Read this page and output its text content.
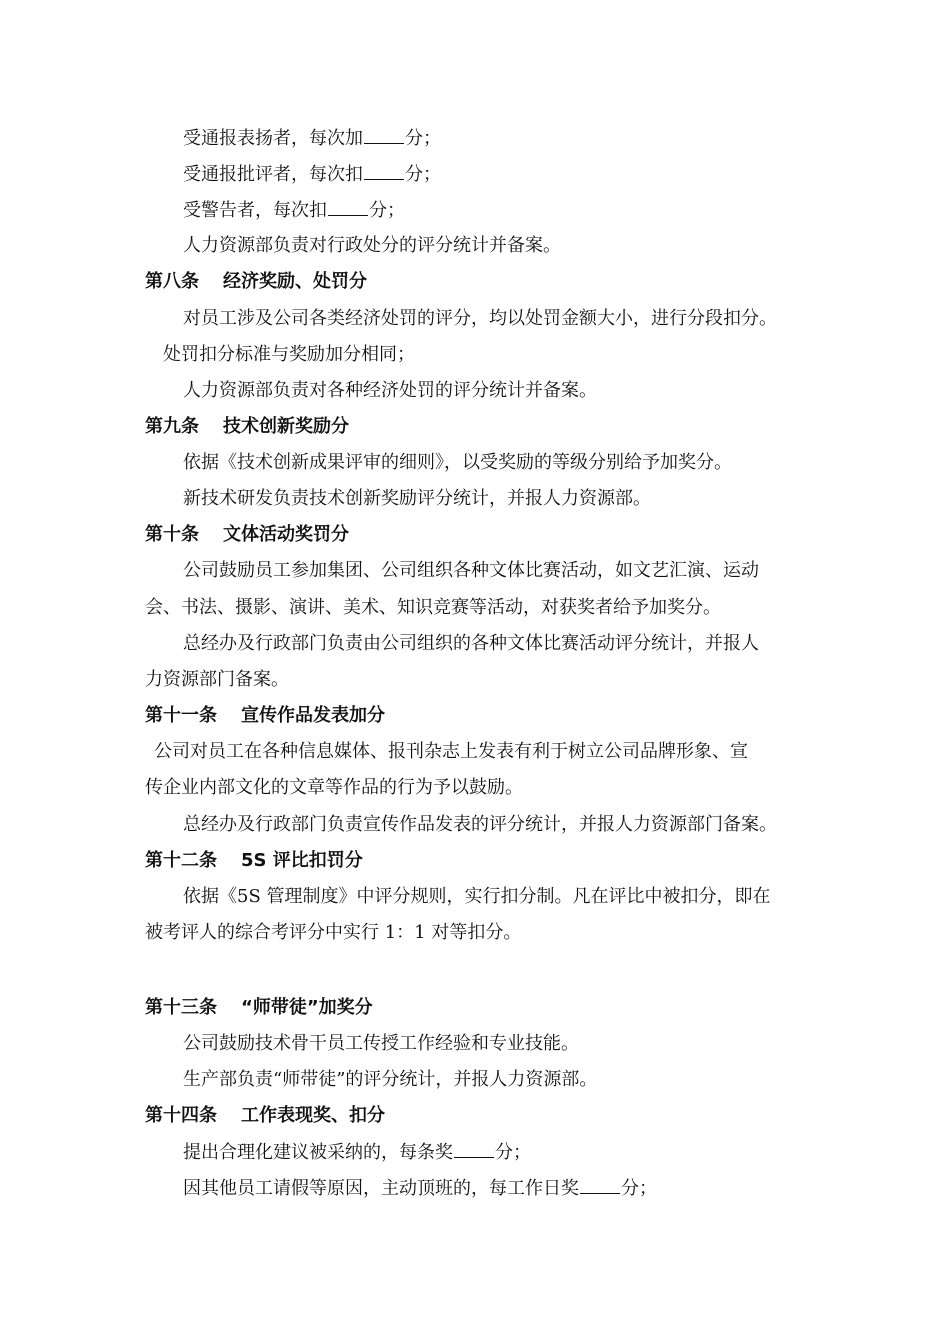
受通报表扬者，每次加 分；
受通报批评者，每次扣 分；
受警告者，每次扣 分；
人力资源部负责对行政处分的评分统计并备案。
第八条 经济奖励、处罚分
对员工涉及公司各类经济处罚的评分，均以处罚金额大小，进行分段扣分。
处罚扣分标准与奖励加分相同；
人力资源部负责对各种经济处罚的评分统计并备案。
第九条 技术创新奖励分
依据《技术创新成果评审的细则》，以受奖励的等级分别给予加奖分。
新技术研发负责技术创新奖励评分统计，并报人力资源部。
第十条 文体活动奖罚分
公司鼓励员工参加集团、公司组织各种文体比赛活动，如文艺汇演、运动
会、书法、摄影、演讲、美术、知识竞赛等活动，对获奖者给予加奖分。
总经办及行政部门负责由公司组织的各种文体比赛活动评分统计，并报人
力资源部门备案。
第十一条 宣传作品发表加分
公司对员工在各种信息媒体、报刊杂志上发表有利于树立公司品牌形象、宣
传企业内部文化的文章等作品的行为予以鼓励。
总经办及行政部门负责宣传作品发表的评分统计，并报人力资源部门备案。
第十二条 5S 评比扣罚分
依据《5S 管理制度》中评分规则，实行扣分制。凡在评比中被扣分，即在
被考评人的综合考评分中实行 1：1 对等扣分。
第十三条 “师带徒”加奖分
公司鼓励技术骨干员工传授工作经验和专业技能。
生产部负责“师带徒”的评分统计，并报人力资源部。
第十四条 工作表现奖、扣分
提出合理化建议被采纳的，每条奖 分；
因其他员工请假等原因，主动顶班的，每工作日奖 分；
